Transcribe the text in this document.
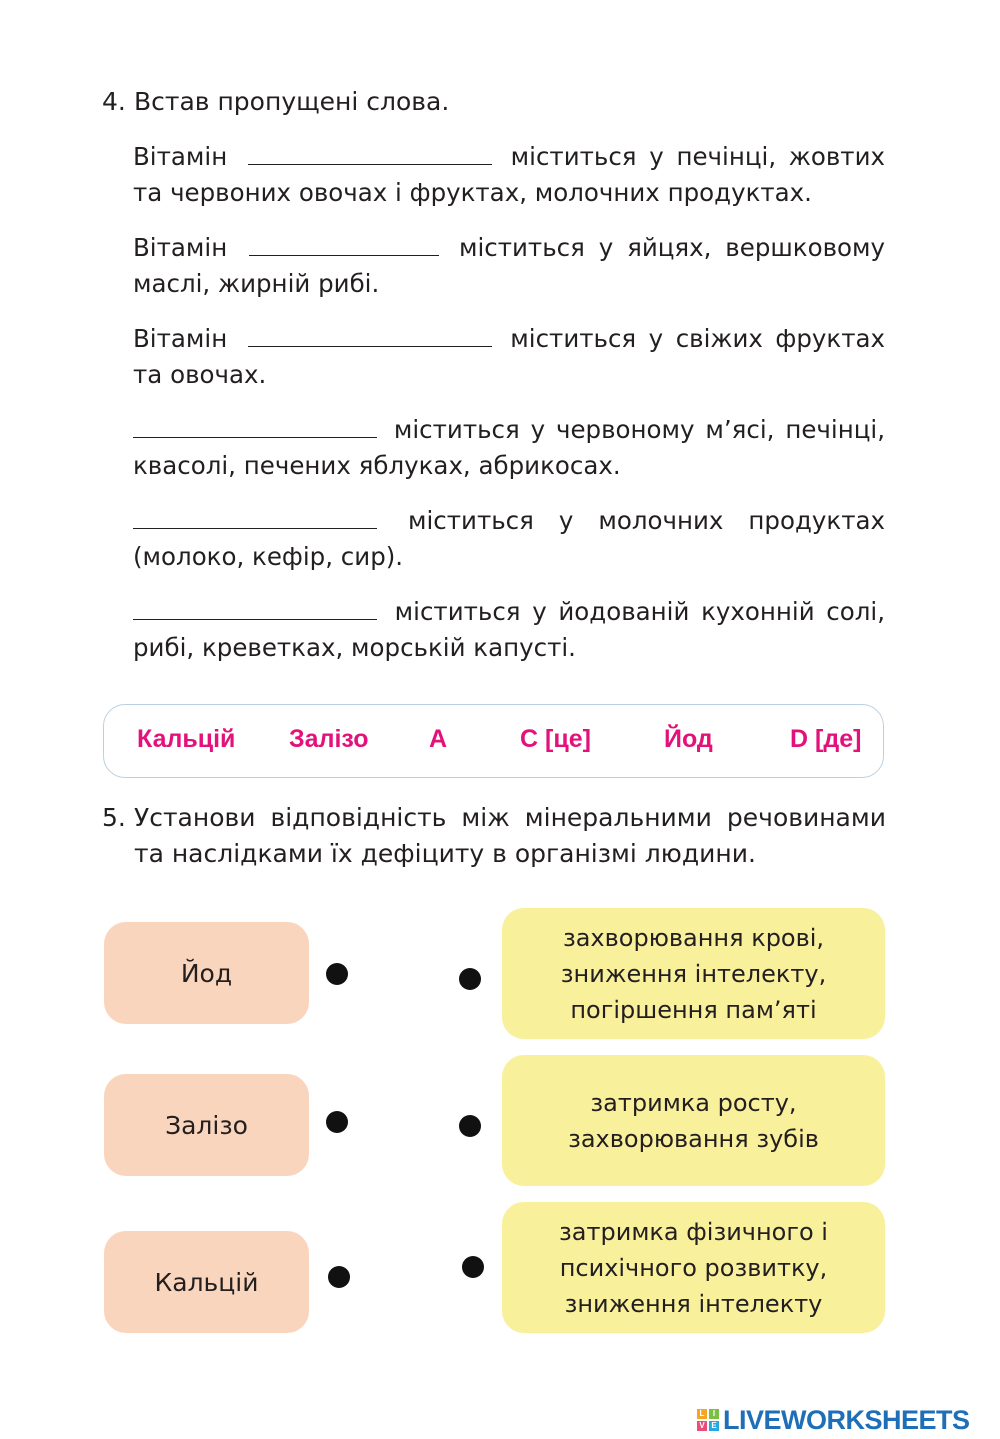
4. Встав пропущені слова.

Вітамін	міститься у печінці, жовтих та червоних овочах і фруктах, молочних продуктах.

Вітамін	міститься у яйцях, вершковому маслі, жирній рибі.

Вітамін	міститься у свіжих фруктах та овочах.

міститься у червоному м’ясі, печінці, квасолі, печених яблуках, абрикосах.

міститься у молочних продуктах (молоко, кефір, сир).

міститься у йодованій кухонній солі, рибі, креветках, морській капусті.

Кальцій Залізо А	С [це]	Йод	D [де]
5. Установи відповідність між мінеральними речовинами та наслідками їх дефіциту в організмі людини.
Йод
Залізо
Кальцій
захворювання крові,
зниження інтелекту,
погіршення пам’яті
затримка росту,
захворювання зубів
затримка фізичного і
психічного розвитку,
зниження інтелекту
L	I
V E LIVEWORKSHEETS
